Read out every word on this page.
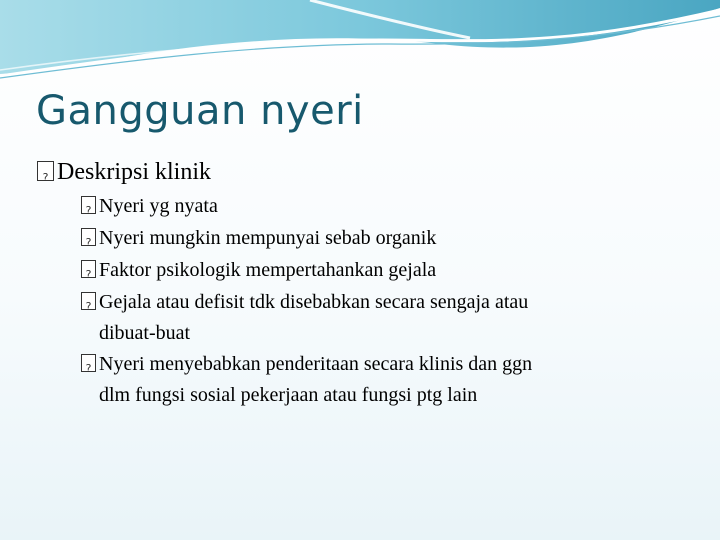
Gangguan nyeri
?
Deskripsi klinik
?
Nyeri yg nyata
?
Nyeri mungkin mempunyai sebab organik
?
Faktor psikologik mempertahankan gejala
?
Gejala atau defisit tdk disebabkan secara sengaja atau
dibuat-buat
?
Nyeri menyebabkan penderitaan secara klinis dan ggn
dlm fungsi sosial pekerjaan atau fungsi ptg lain
